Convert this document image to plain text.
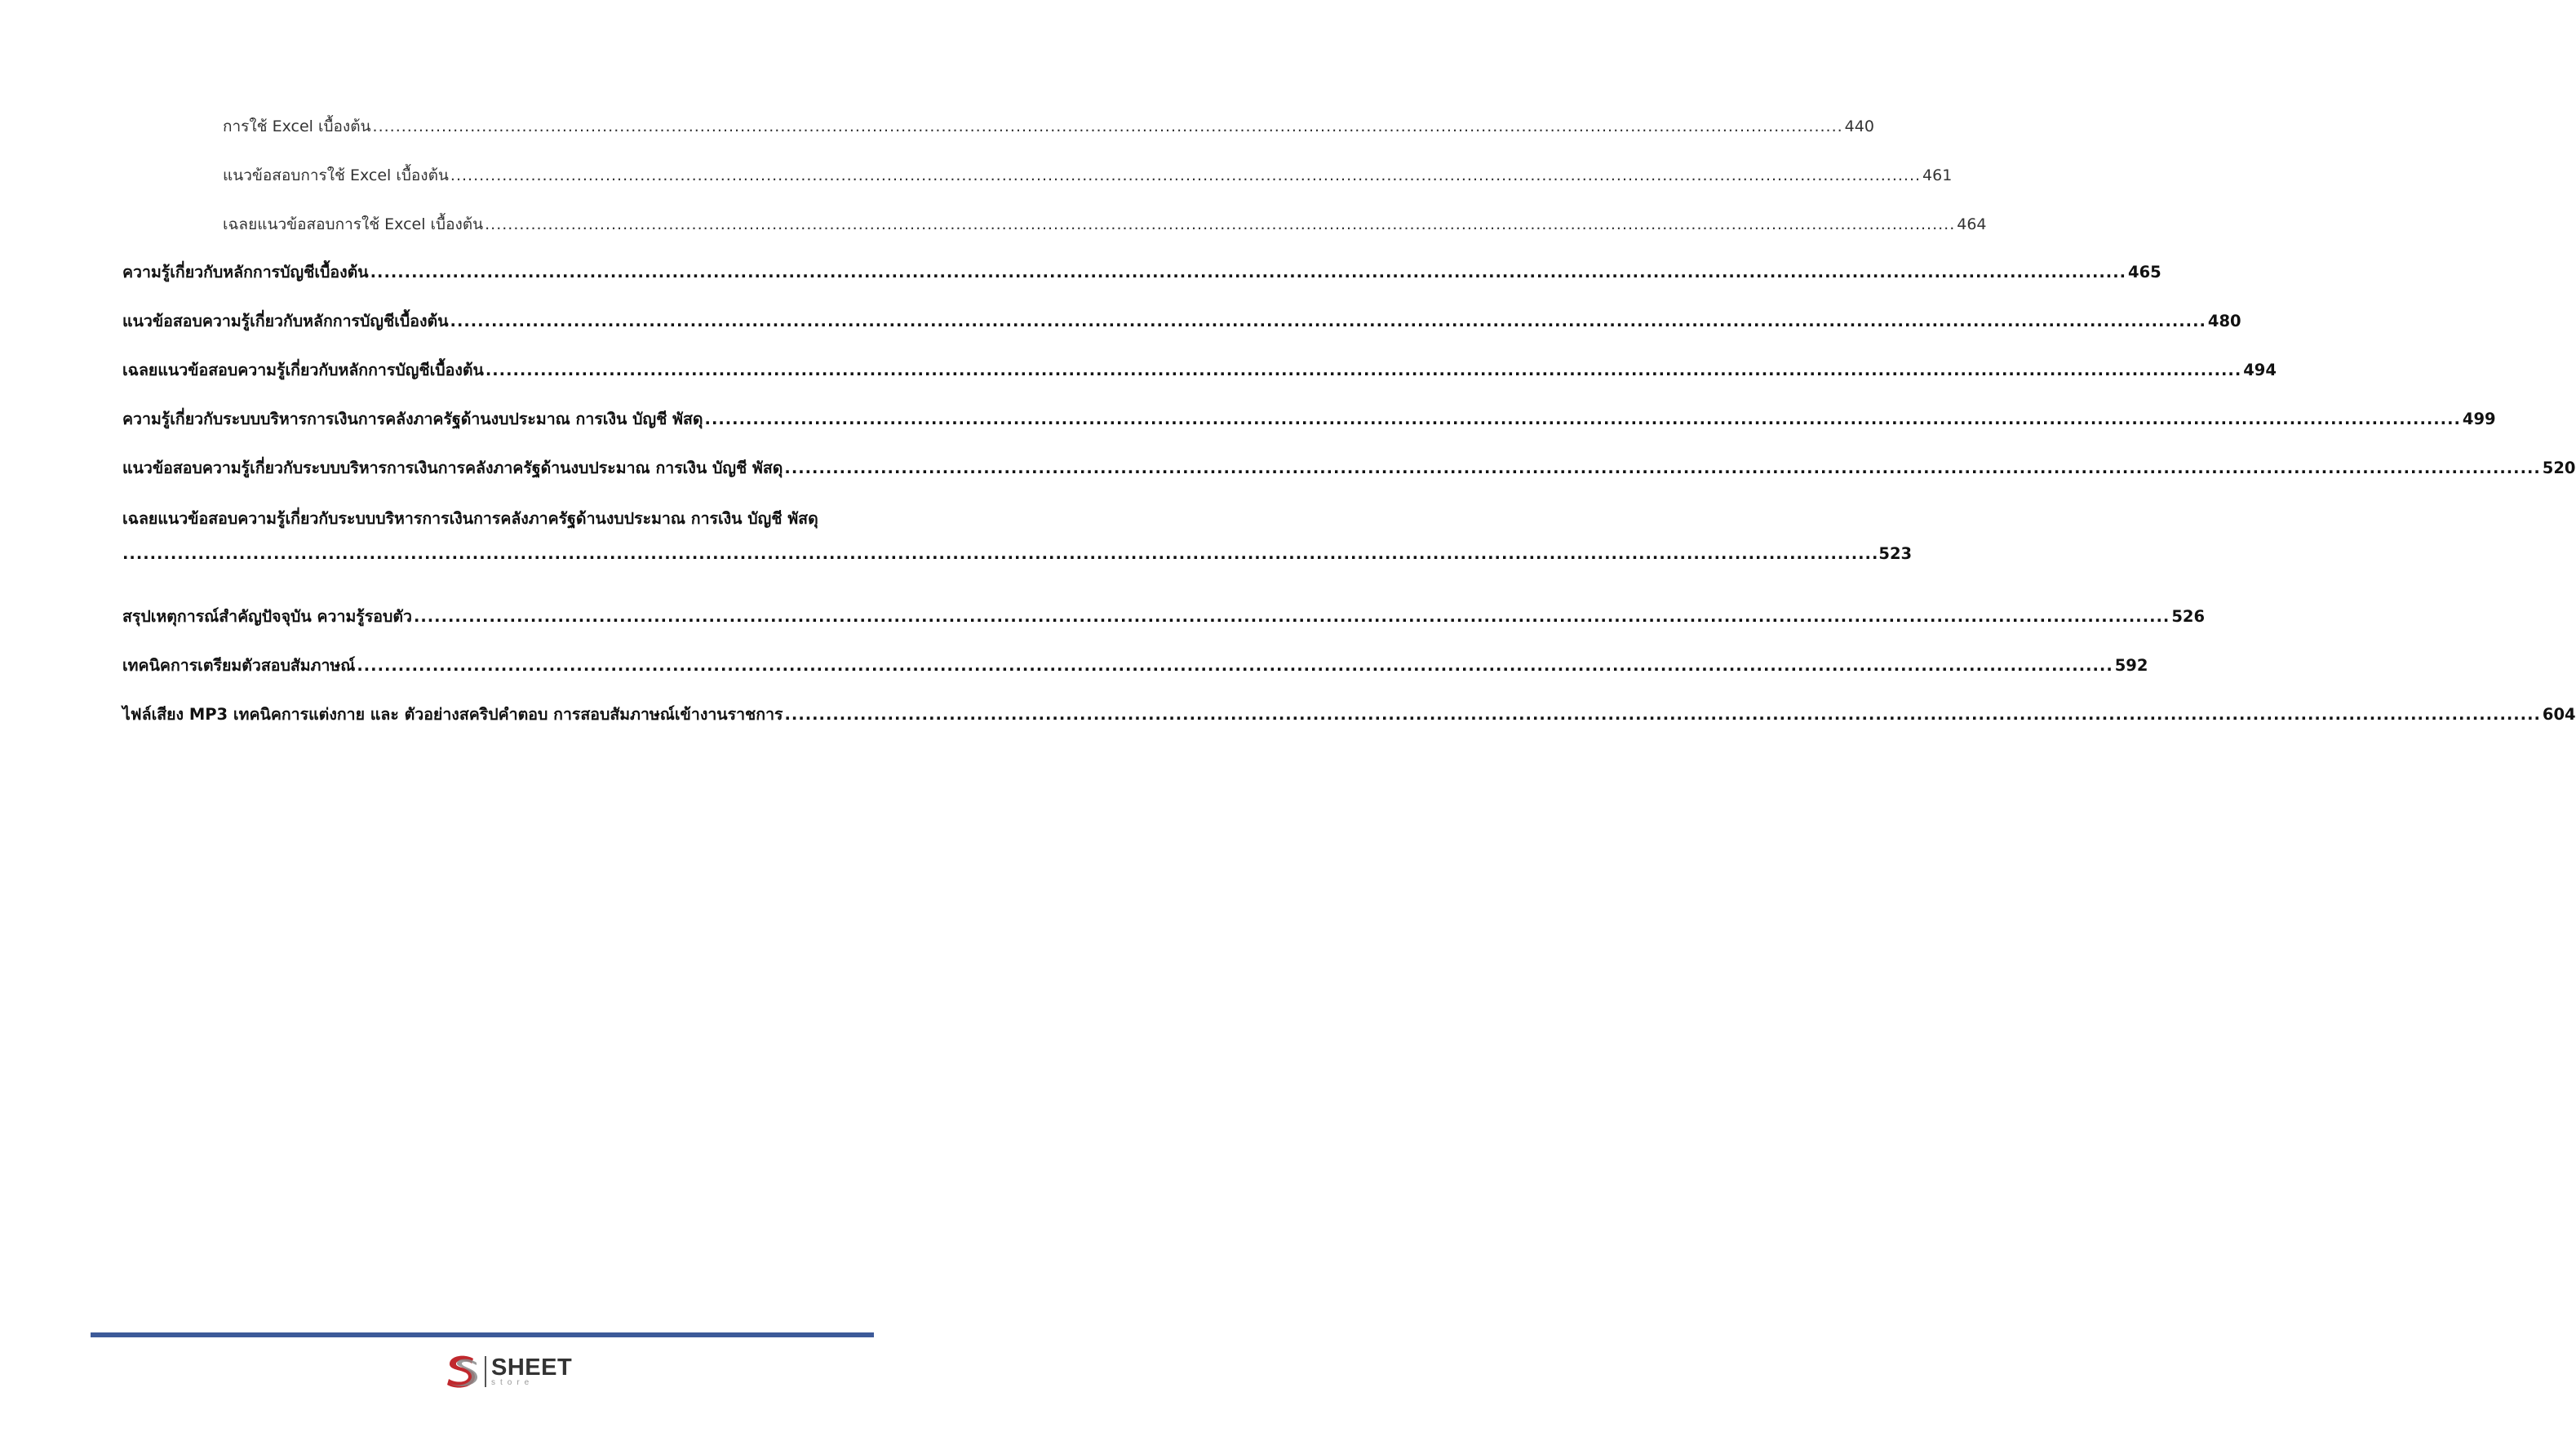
การใช้ Excel เบื้องต้น ................................................................................................................................................................................................................................................................ 440
แนวข้อสอบการใช้ Excel เบื้องต้น ................................................................................................................................................................................................................................................................ 461
เฉลยแนวข้อสอบการใช้ Excel เบื้องต้น ................................................................................................................................................................................................................................................................ 464
ความรู้เกี่ยวกับหลักการบัญชีเบื้องต้น ................................................................................................................................................................................................................................................................ 465
แนวข้อสอบความรู้เกี่ยวกับหลักการบัญชีเบื้องต้น ................................................................................................................................................................................................................................................................ 480
เฉลยแนวข้อสอบความรู้เกี่ยวกับหลักการบัญชีเบื้องต้น ................................................................................................................................................................................................................................................................ 494
ความรู้เกี่ยวกับระบบบริหารการเงินการคลังภาครัฐด้านงบประมาณ การเงิน บัญชี พัสดุ ................................................................................................................................................................................................................................................................ 499
แนวข้อสอบความรู้เกี่ยวกับระบบบริหารการเงินการคลังภาครัฐด้านงบประมาณ การเงิน บัญชี พัสดุ ................................................................................................................................................................................................................................................................ 520
เฉลยแนวข้อสอบความรู้เกี่ยวกับระบบบริหารการเงินการคลังภาครัฐด้านงบประมาณ การเงิน บัญชี พัสดุ
................................................................................................................................................................................................................................................................ 523
สรุปเหตุการณ์สำคัญปัจจุบัน ความรู้รอบตัว ................................................................................................................................................................................................................................................................ 526
เทคนิคการเตรียมตัวสอบสัมภาษณ์ ................................................................................................................................................................................................................................................................ 592
ไฟล์เสียง MP3 เทคนิคการแต่งกาย และ ตัวอย่างสคริปคำตอบ การสอบสัมภาษณ์เข้างานราชการ ................................................................................................................................................................................................................................................................ 604
SHEET
store
